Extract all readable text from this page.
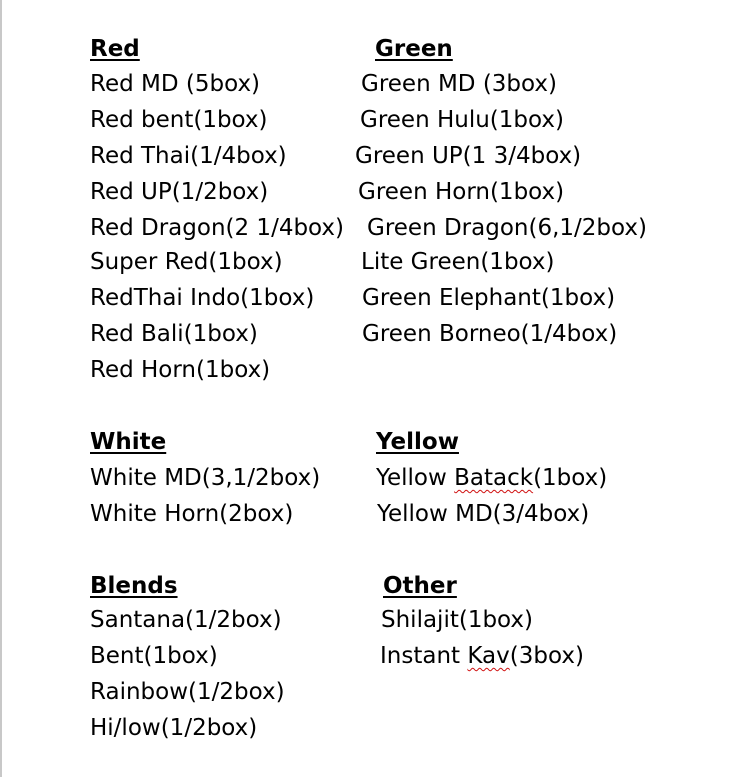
Red
Red MD (5box)
Red bent(1box)
Red Thai(1/4box)
Red UP(1/2box)
Red Dragon(2 1/4box)
Super Red(1box)
RedThai Indo(1box)
Red Bali(1box)
Red Horn(1box)
Green
Green MD (3box)
Green Hulu(1box)
Green UP(1 3/4box)
Green Horn(1box)
Green Dragon(6,1/2box)
Lite Green(1box)
Green Elephant(1box)
Green Borneo(1/4box)
White
White MD(3,1/2box)
White Horn(2box)
Yellow
Yellow Batack(1box)
Yellow MD(3/4box)
Blends
Santana(1/2box)
Bent(1box)
Rainbow(1/2box)
Hi/low(1/2box)
Other
Shilajit(1box)
Instant Kav(3box)
